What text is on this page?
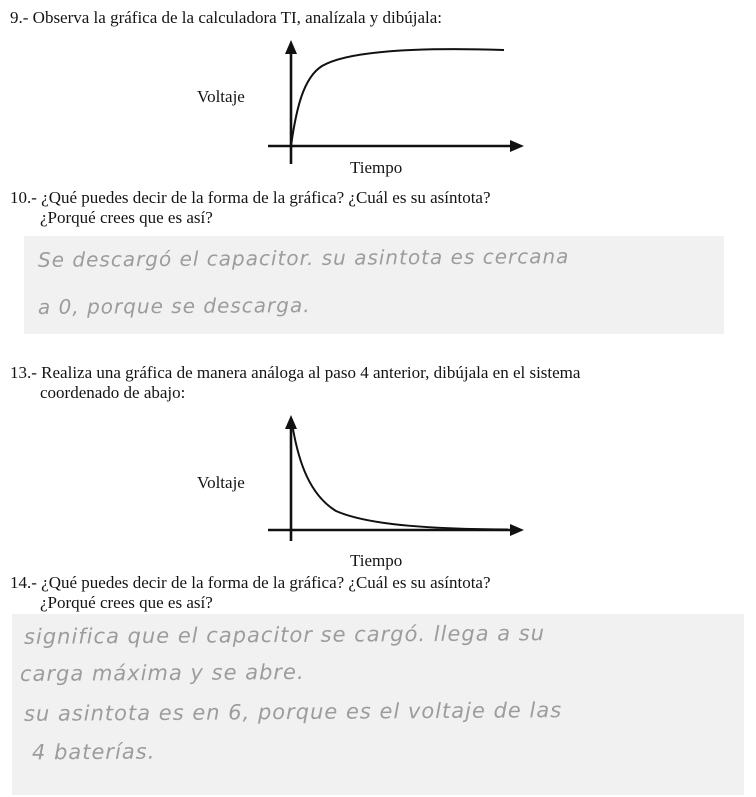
9.- Observa la gráfica de la calculadora TI, analízala y dibújala:
Voltaje
Tiempo
10.- ¿Qué puedes decir de la forma de la gráfica? ¿Cuál es su asíntota?
¿Porqué crees que es así?
Se descargó el capacitor. su asintota es cercana
a 0, porque se descarga.
13.- Realiza una gráfica de manera análoga al paso 4 anterior, dibújala en el sistema
coordenado de abajo:
Voltaje
Tiempo
14.- ¿Qué puedes decir de la forma de la gráfica? ¿Cuál es su asíntota?
¿Porqué crees que es así?
significa que el capacitor se cargó. llega a su
carga máxima y se abre.
su asintota es en 6, porque es el voltaje de las
4 baterías.
